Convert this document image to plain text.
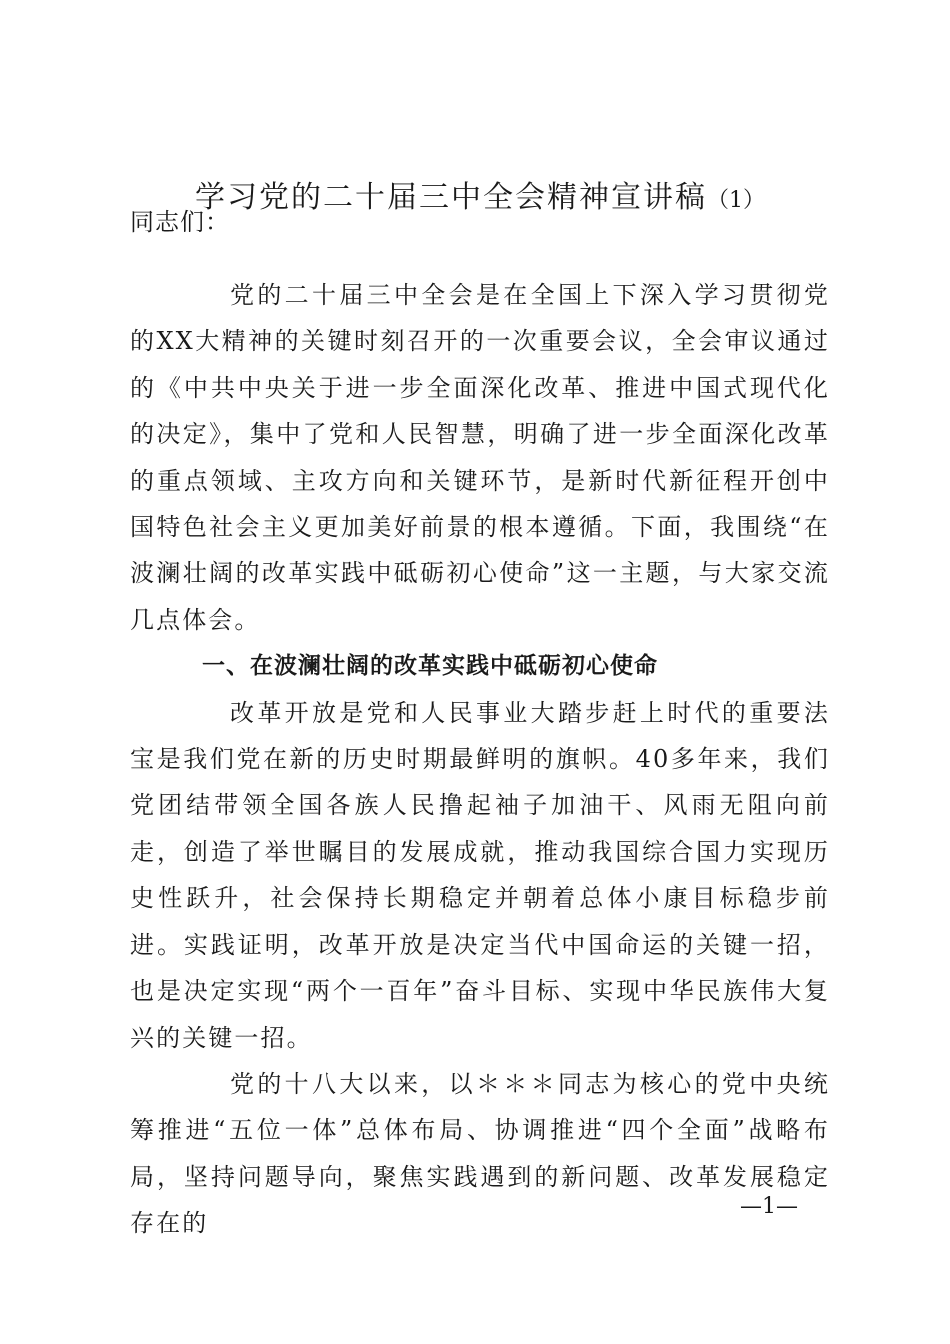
学习党的二十届三中全会精神宣讲稿（1）
同志们：

党的二十届三中全会是在全国上下深入学习贯彻党的XX大精神的关键时刻召开的一次重要会议，全会审议通过的《中共中央关于进一步全面深化改革、推进中国式现代化的决定》，集中了党和人民智慧，明确了进一步全面深化改革的重点领域、主攻方向和关键环节，是新时代新征程开创中国特色社会主义更加美好前景的根本遵循。下面，我围绕“在波澜壮阔的改革实践中砥砺初心使命”这一主题，与大家交流几点体会。

一、在波澜壮阔的改革实践中砥砺初心使命

改革开放是党和人民事业大踏步赶上时代的重要法宝是我们党在新的历史时期最鲜明的旗帜。40多年来，我们党团结带领全国各族人民撸起袖子加油干、风雨无阻向前走，创造了举世瞩目的发展成就，推动我国综合国力实现历史性跃升，社会保持长期稳定并朝着总体小康目标稳步前进。实践证明，改革开放是决定当代中国命运的关键一招，也是决定实现“两个一百年”奋斗目标、实现中华民族伟大复兴的关键一招。

党的十八大以来，以＊＊＊同志为核心的党中央统筹推进“五位一体”总体布局、协调推进“四个全面”战略布局，坚持问题导向，聚焦实践遇到的新问题、改革发展稳定存在的

—1—
